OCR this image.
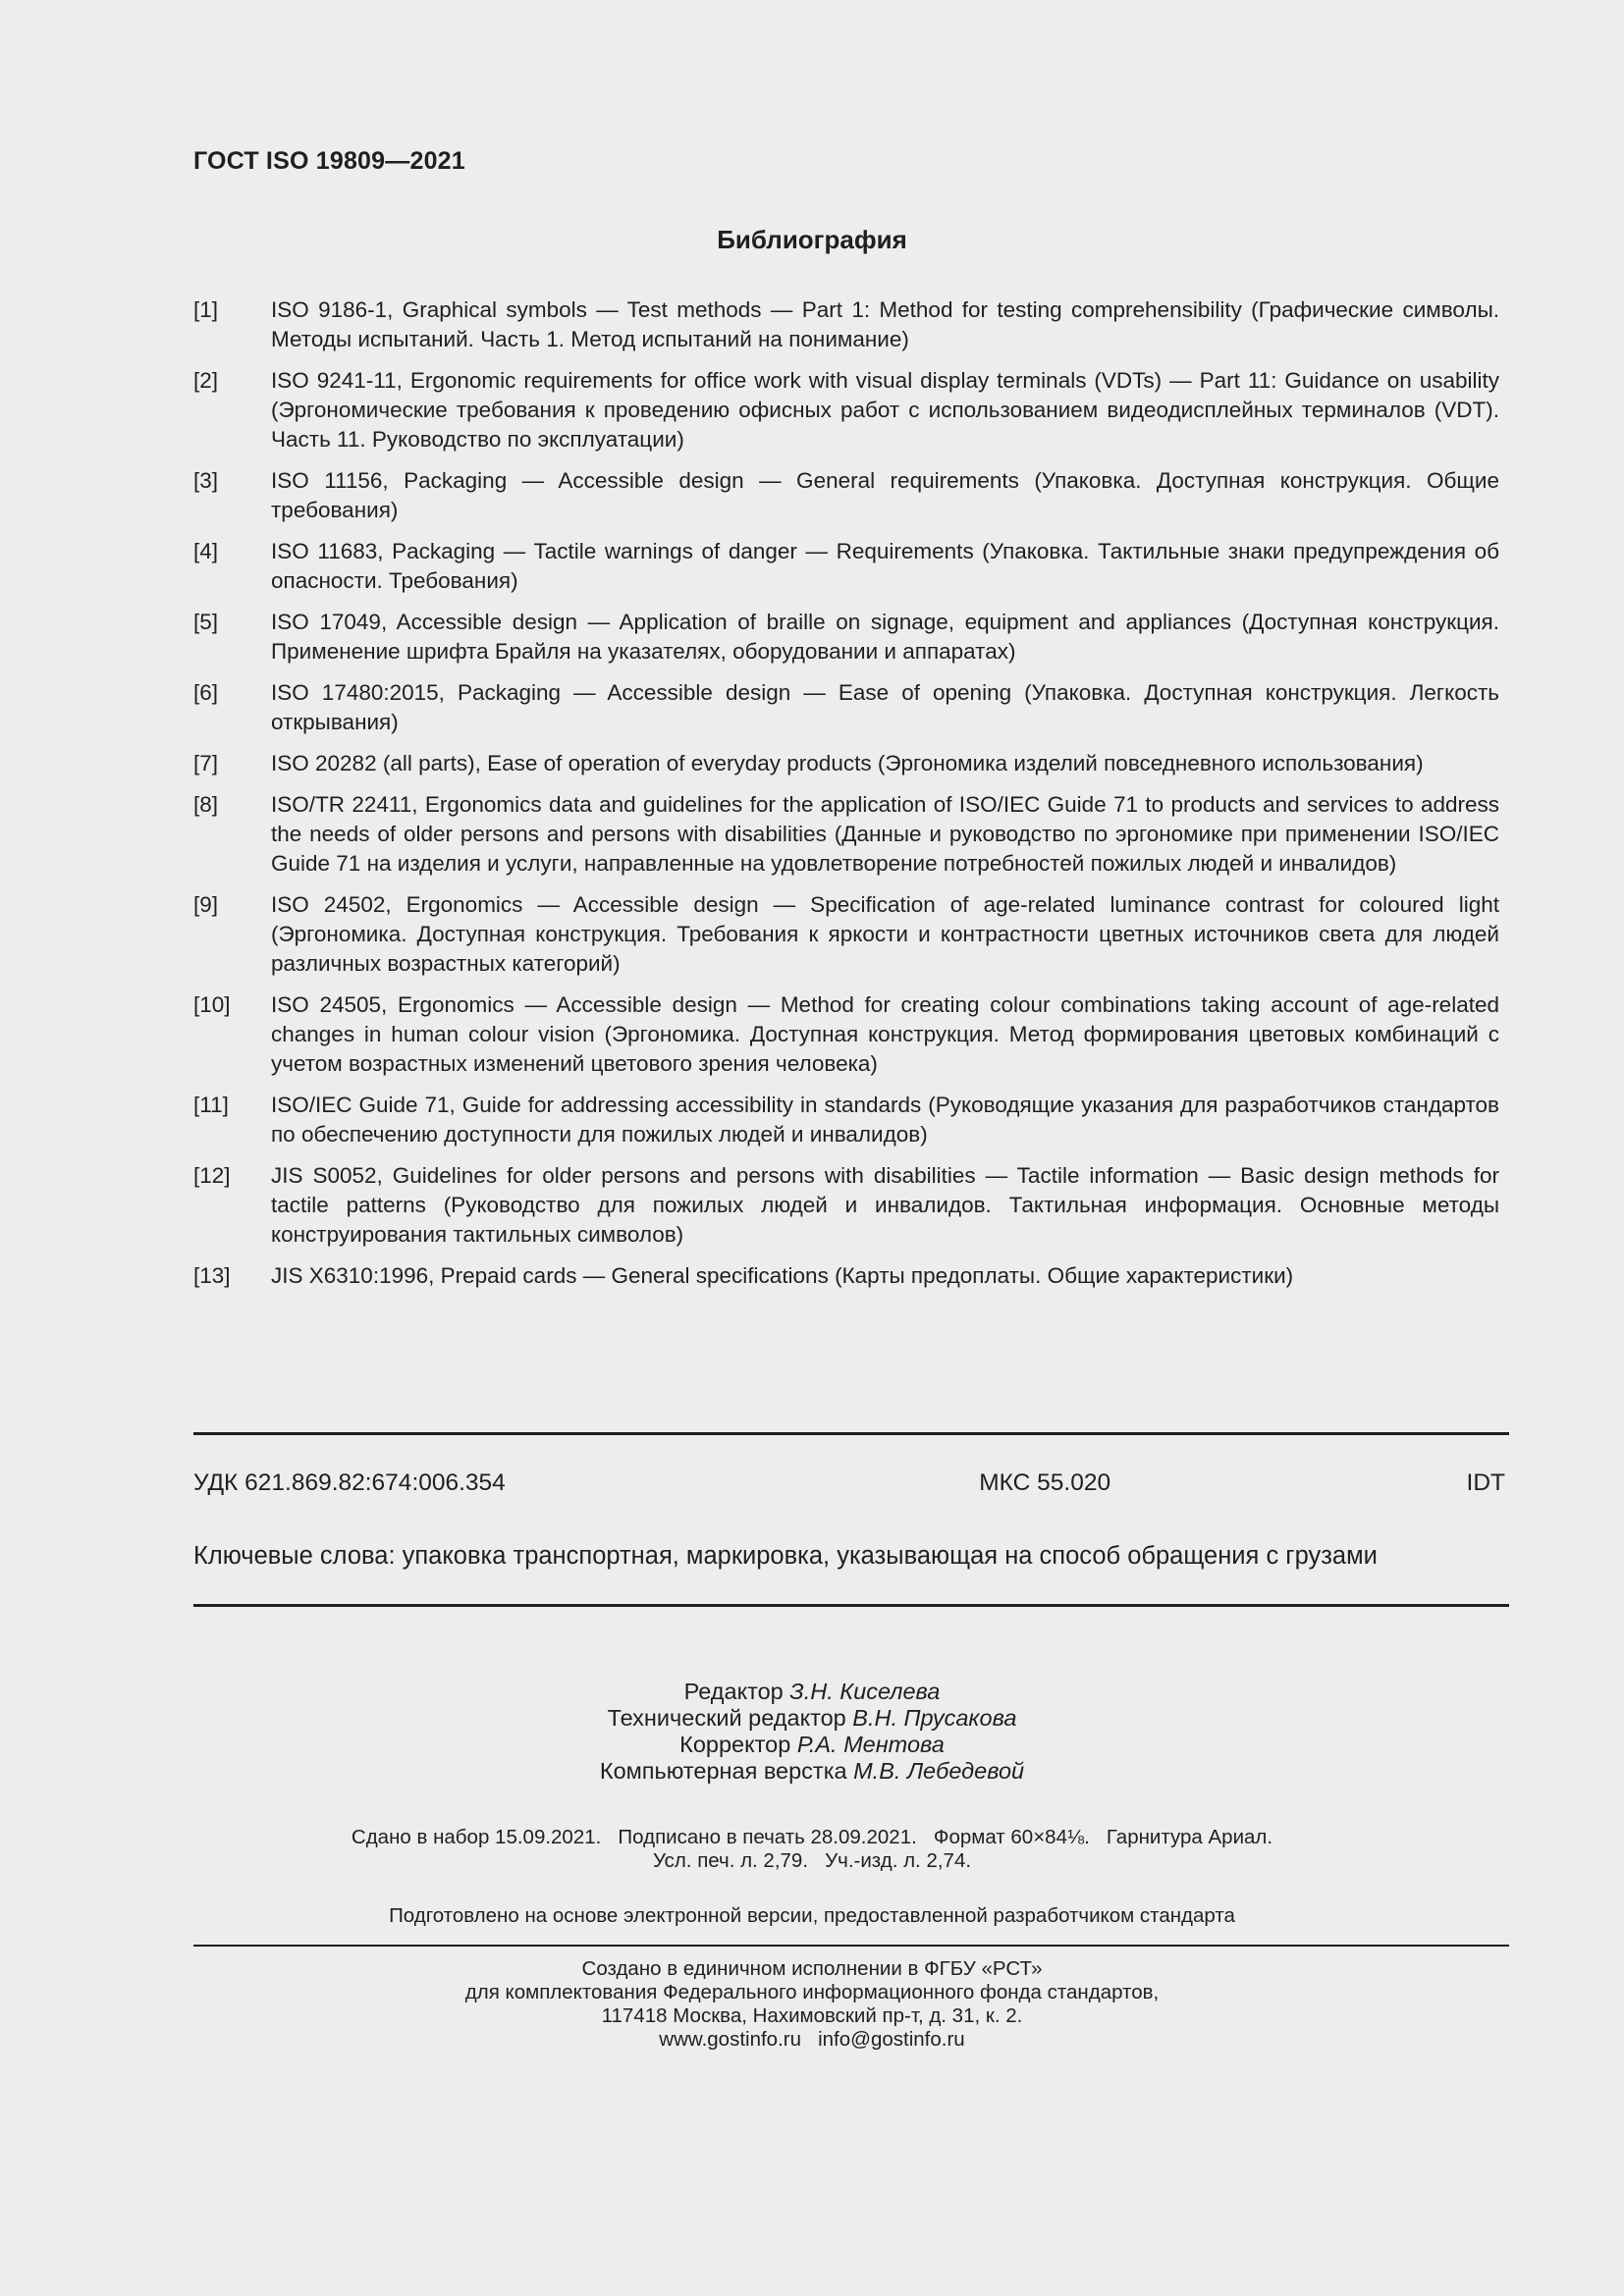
ГОСТ ISO 19809—2021
Библиография
[1]	ISO 9186-1, Graphical symbols — Test methods — Part 1: Method for testing comprehensibility (Графические символы. Методы испытаний. Часть 1. Метод испытаний на понимание)
[2]	ISO 9241-11, Ergonomic requirements for office work with visual display terminals (VDTs) — Part 11: Guidance on usability (Эргономические требования к проведению офисных работ с использованием видеодисплейных терминалов (VDT). Часть 11. Руководство по эксплуатации)
[3]	ISO 11156, Packaging — Accessible design — General requirements (Упаковка. Доступная конструкция. Общие требования)
[4]	ISO 11683, Packaging — Tactile warnings of danger — Requirements (Упаковка. Тактильные знаки предупреждения об опасности. Требования)
[5]	ISO 17049, Accessible design — Application of braille on signage, equipment and appliances (Доступная конструкция. Применение шрифта Брайля на указателях, оборудовании и аппаратах)
[6]	ISO 17480:2015, Packaging — Accessible design — Ease of opening (Упаковка. Доступная конструкция. Легкость открывания)
[7]	ISO 20282 (all parts), Ease of operation of everyday products (Эргономика изделий повседневного использования)
[8]	ISO/TR 22411, Ergonomics data and guidelines for the application of ISO/IEC Guide 71 to products and services to address the needs of older persons and persons with disabilities (Данные и руководство по эргономике при применении ISO/IEC Guide 71 на изделия и услуги, направленные на удовлетворение потребностей пожилых людей и инвалидов)
[9]	ISO 24502, Ergonomics — Accessible design — Specification of age-related luminance contrast for coloured light (Эргономика. Доступная конструкция. Требования к яркости и контрастности цветных источников света для людей различных возрастных категорий)
[10]	ISO 24505, Ergonomics — Accessible design — Method for creating colour combinations taking account of age-related changes in human colour vision (Эргономика. Доступная конструкция. Метод формирования цветовых комбинаций с учетом возрастных изменений цветового зрения человека)
[11]	ISO/IEC Guide 71, Guide for addressing accessibility in standards (Руководящие указания для разработчиков стандартов по обеспечению доступности для пожилых людей и инвалидов)
[12]	JIS S0052, Guidelines for older persons and persons with disabilities — Tactile information — Basic design methods for tactile patterns (Руководство для пожилых людей и инвалидов. Тактильная информация. Основные методы конструирования тактильных символов)
[13]	JIS X6310:1996, Prepaid cards — General specifications (Карты предоплаты. Общие характеристики)
УДК 621.869.82:674:006.354	МКС 55.020	IDT
Ключевые слова: упаковка транспортная, маркировка, указывающая на способ обращения с грузами
Редактор З.Н. Киселева
Технический редактор В.Н. Прусакова
Корректор Р.А. Ментова
Компьютерная верстка М.В. Лебедевой
Сдано в набор 15.09.2021.   Подписано в печать 28.09.2021.   Формат 60×84⅛.   Гарнитура Ариал.
Усл. печ. л. 2,79.   Уч.-изд. л. 2,74.
Подготовлено на основе электронной версии, предоставленной разработчиком стандарта
Создано в единичном исполнении в ФГБУ «РСТ»
для комплектования Федерального информационного фонда стандартов,
117418 Москва, Нахимовский пр-т, д. 31, к. 2.
www.gostinfo.ru info@gostinfo.ru
